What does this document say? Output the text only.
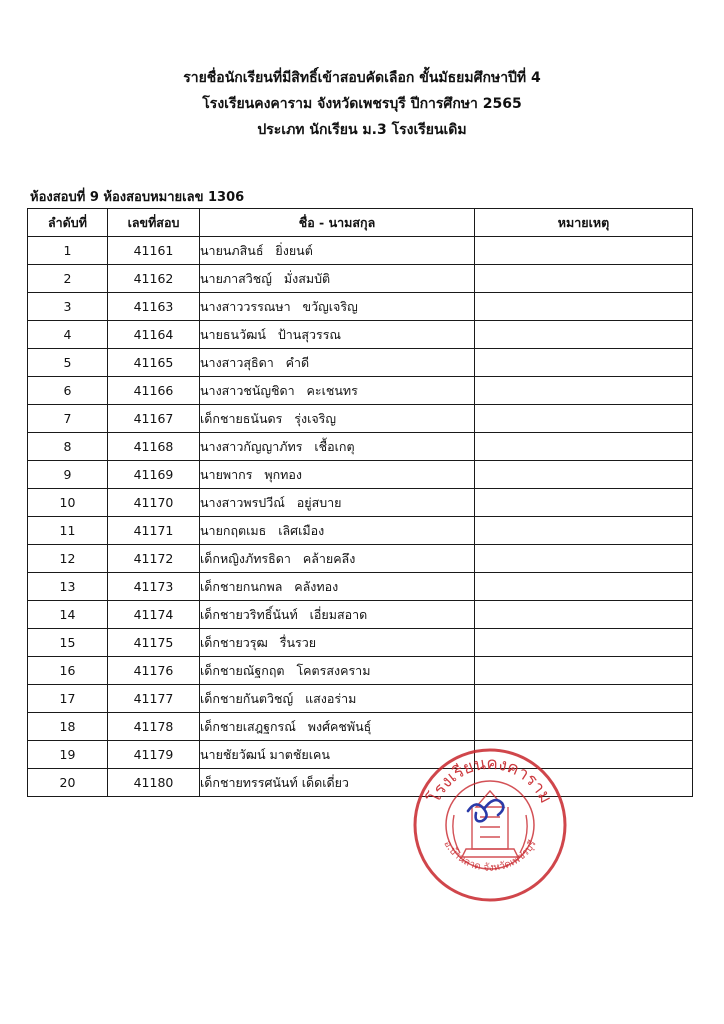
รายชื่อนักเรียนที่มีสิทธิ์เข้าสอบคัดเลือก ขั้นมัธยมศึกษาปีที่ 4
โรงเรียนคงคาราม จังหวัดเพชรบุรี ปีการศึกษา 2565
ประเภท นักเรียน ม.3 โรงเรียนเดิม
ห้องสอบที่ 9 ห้องสอบหมายเลข 1306
ลำดับที่	เลขที่สอบ	ชื่อ - นามสกุล	หมายเหตุ
1	41161	นายนภสินธ์   ยิ่งยนต์	
2	41162	นายภาสวิชญ์   มั่งสมบัติ	
3	41163	นางสาววรรณษา   ขวัญเจริญ	
4	41164	นายธนวัฒน์   ป้านสุวรรณ	
5	41165	นางสาวสุธิดา   คำดี	
6	41166	นางสาวชนัญชิดา   คะเชนทร	
7	41167	เด็กชายธนันดร   รุ่งเจริญ	
8	41168	นางสาวกัญญาภัทร   เชื้อเกตุ	
9	41169	นายพากร   พุกทอง	
10	41170	นางสาวพรปวีณ์   อยู่สบาย	
11	41171	นายกฤตเมธ   เลิศเมือง	
12	41172	เด็กหญิงภัทรธิดา   คล้ายคลึง	
13	41173	เด็กชายกนกพล   คลังทอง	
14	41174	เด็กชายวริทธิ์นันท์   เอี่ยมสอาด	
15	41175	เด็กชายวรุฒ   รื่นรวย	
16	41176	เด็กชายณัฐกฤต   โคตรสงคราม	
17	41177	เด็กชายกันตวิชญ์   แสงอร่าม	
18	41178	เด็กชายเสฎฐกรณ์   พงศ์คชพันธุ์	
19	41179	นายชัยวัฒน์ มาตชัยเคน	
20	41180	เด็กชายทรรศนันท์ เด็ดเดี่ยว	
โรงเรียนคงคาราม
อ.บ้านลาด จังหวัดเพชรบุรี
